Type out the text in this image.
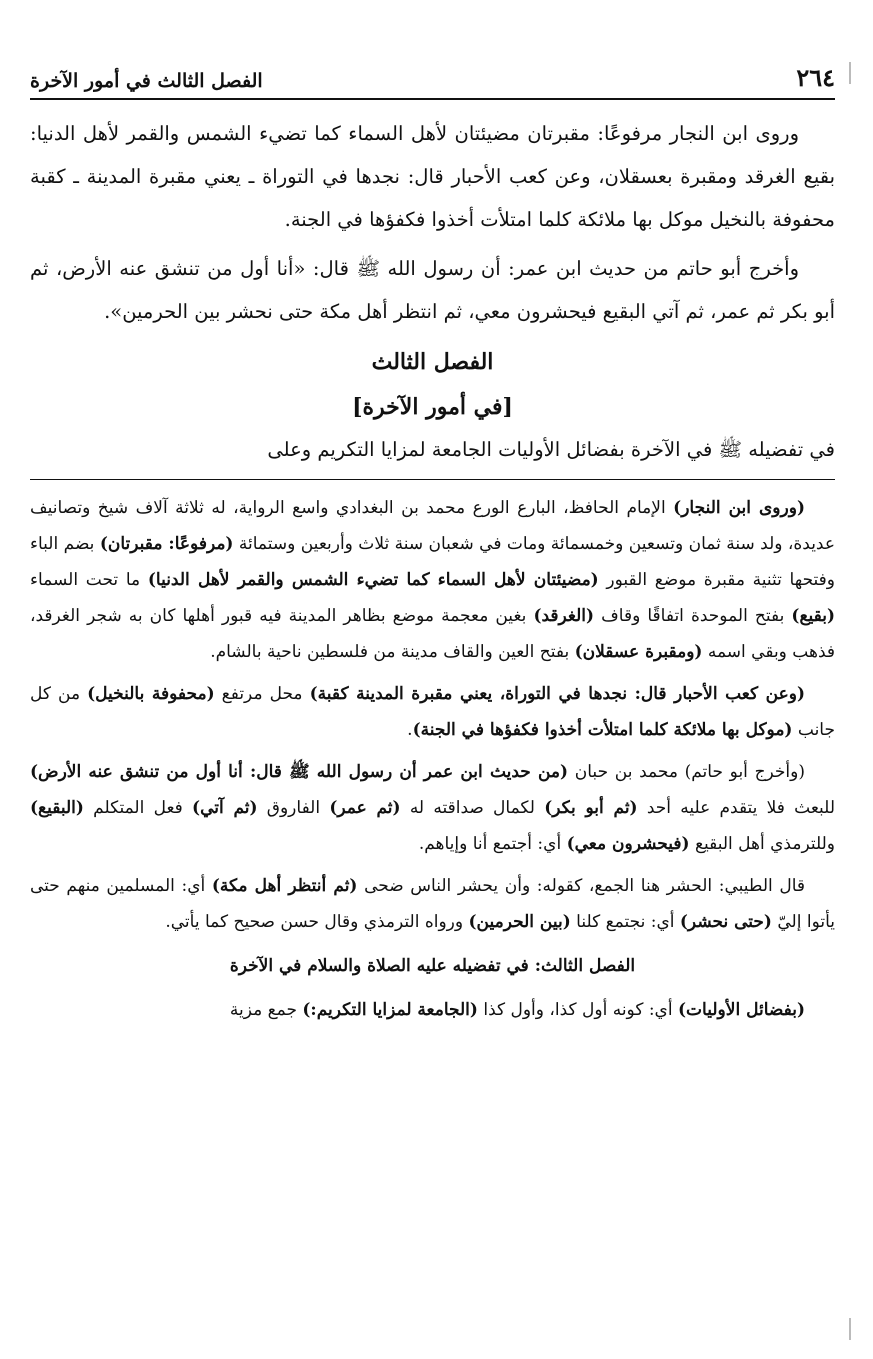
٢٦٤
الفصل الثالث في أمور الآخرة

وروى ابن النجار مرفوعًا: مقبرتان مضيئتان لأهل السماء كما تضيء الشمس والقمر لأهل الدنيا: بقيع الغرقد ومقبرة بعسقلان، وعن كعب الأحبار قال: نجدها في التوراة ـ يعني مقبرة المدينة ـ كقبة محفوفة بالنخيل موكل بها ملائكة كلما امتلأت أخذوا فكفؤها في الجنة.

وأخرج أبو حاتم من حديث ابن عمر: أن رسول الله ﷺ قال: «أنا أول من تنشق عنه الأرض، ثم أبو بكر ثم عمر، ثم آتي البقيع فيحشرون معي، ثم انتظر أهل مكة حتى نحشر بين الحرمين».

الفصل الثالث
[في أمور الآخرة]
في تفضيله ﷺ في الآخرة بفضائل الأوليات الجامعة لمزايا التكريم وعلى

(وروى ابن النجار) الإمام الحافظ، البارع الورع محمد بن البغدادي واسع الرواية، له ثلاثة آلاف شيخ وتصانيف عديدة، ولد سنة ثمان وتسعين وخمسمائة ومات في شعبان سنة ثلاث وأربعين وستمائة (مرفوعًا: مقبرتان) بضم الباء وفتحها تثنية مقبرة موضع القبور (مضيئتان لأهل السماء كما تضيء الشمس والقمر لأهل الدنيا) ما تحت السماء (بقيع) بفتح الموحدة اتفاقًا وقاف (الغرقد) بغين معجمة موضع بظاهر المدينة فيه قبور أهلها كان به شجر الغرقد، فذهب وبقي اسمه (ومقبرة عسقلان) بفتح العين والقاف مدينة من فلسطين ناحية بالشام.

(وعن كعب الأحبار قال: نجدها في التوراة، يعني مقبرة المدينة كقبة) محل مرتفع (محفوفة بالنخيل) من كل جانب (موكل بها ملائكة كلما امتلأت أخذوا فكفؤها في الجنة).

(وأخرج أبو حاتم) محمد بن حبان (من حديث ابن عمر أن رسول الله ﷺ قال: أنا أول من تنشق عنه الأرض) للبعث فلا يتقدم عليه أحد (ثم أبو بكر) لكمال صداقته له (ثم عمر) الفاروق (ثم آتي) فعل المتكلم (البقيع) وللترمذي أهل البقيع (فيحشرون معي) أي: أجتمع أنا وإياهم.

قال الطيبي: الحشر هنا الجمع، كقوله: وأن يحشر الناس ضحى (ثم أنتظر أهل مكة) أي: المسلمين منهم حتى يأتوا إليّ (حتى نحشر) أي: نجتمع كلنا (بين الحرمين) ورواه الترمذي وقال حسن صحيح كما يأتي.

الفصل الثالث: في تفضيله عليه الصلاة والسلام في الآخرة

(بفضائل الأوليات) أي: كونه أول كذا، وأول كذا (الجامعة لمزايا التكريم:) جمع مزية
